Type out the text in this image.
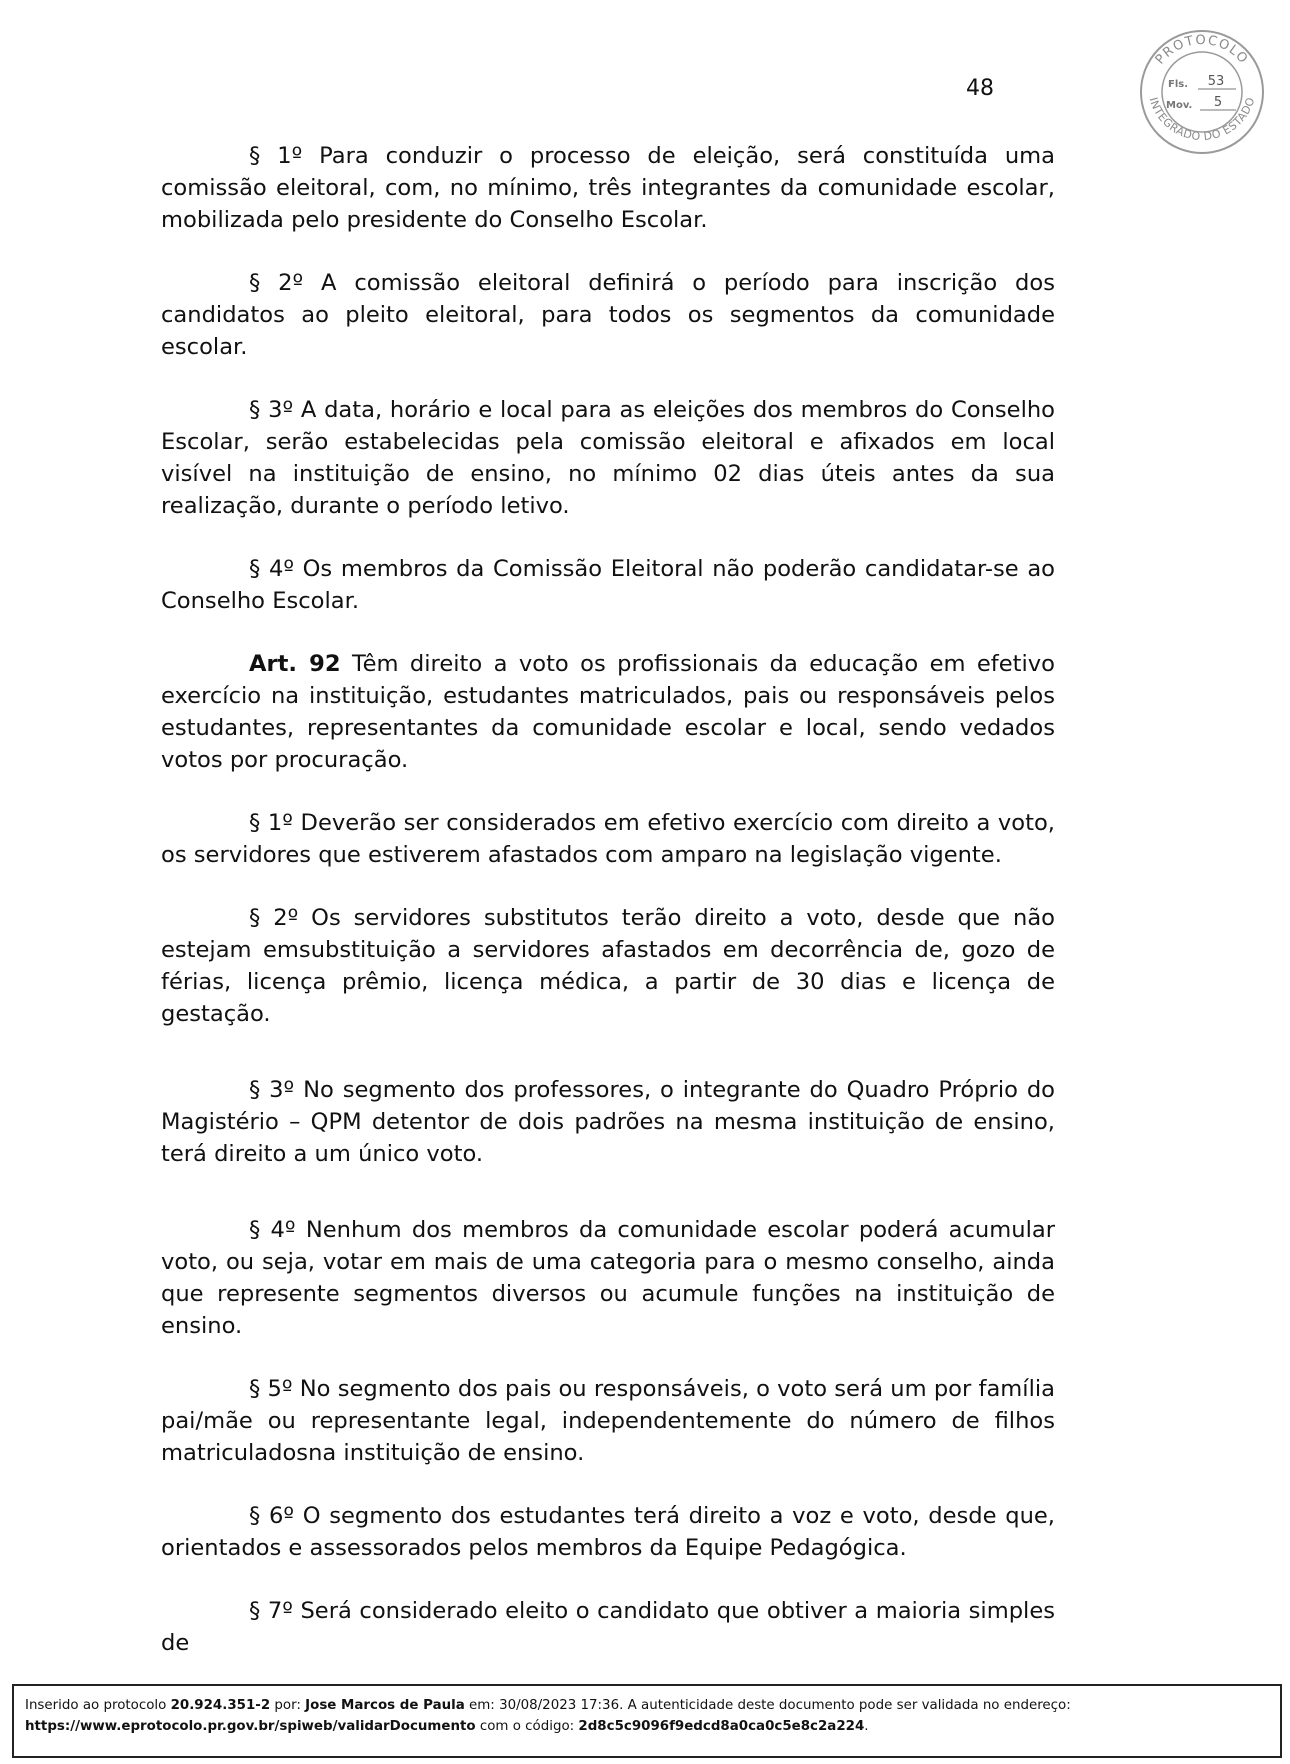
48
PROTOCOLO
INTEGRADO DO ESTADO
Fls. 53
Mov. 5

§ 1º Para conduzir o processo de eleição, será constituída uma comissão eleitoral, com, no mínimo, três integrantes da comunidade escolar, mobilizada pelo presidente do Conselho Escolar.

§ 2º A comissão eleitoral definirá o período para inscrição dos candidatos ao pleito eleitoral, para todos os segmentos da comunidade escolar.

§ 3º A data, horário e local para as eleições dos membros do Conselho Escolar, serão estabelecidas pela comissão eleitoral e afixados em local visível na instituição de ensino, no mínimo 02 dias úteis antes da sua realização, durante o período letivo.

§ 4º Os membros da Comissão Eleitoral não poderão candidatar-se ao Conselho Escolar.

Art. 92 Têm direito a voto os profissionais da educação em efetivo exercício na instituição, estudantes matriculados, pais ou responsáveis pelos estudantes, representantes da comunidade escolar e local, sendo vedados votos por procuração.

§ 1º Deverão ser considerados em efetivo exercício com direito a voto, os servidores que estiverem afastados com amparo na legislação vigente.

§ 2º Os servidores substitutos terão direito a voto, desde que não estejam emsubstituição a servidores afastados em decorrência de, gozo de férias, licença prêmio, licença médica, a partir de 30 dias e licença de gestação.

§ 3º No segmento dos professores, o integrante do Quadro Próprio do Magistério – QPM detentor de dois padrões na mesma instituição de ensino, terá direito a um único voto.

§ 4º Nenhum dos membros da comunidade escolar poderá acumular voto, ou seja, votar em mais de uma categoria para o mesmo conselho, ainda que represente segmentos diversos ou acumule funções na instituição de ensino.

§ 5º No segmento dos pais ou responsáveis, o voto será um por família pai/mãe ou representante legal, independentemente do número de filhos matriculadosna instituição de ensino.

§ 6º O segmento dos estudantes terá direito a voz e voto, desde que, orientados e assessorados pelos membros da Equipe Pedagógica.

§ 7º Será considerado eleito o candidato que obtiver a maioria simples de

Inserido ao protocolo 20.924.351-2 por: Jose Marcos de Paula em: 30/08/2023 17:36. A autenticidade deste documento pode ser validada no endereço:
https://www.eprotocolo.pr.gov.br/spiweb/validarDocumento com o código: 2d8c5c9096f9edcd8a0ca0c5e8c2a224.
